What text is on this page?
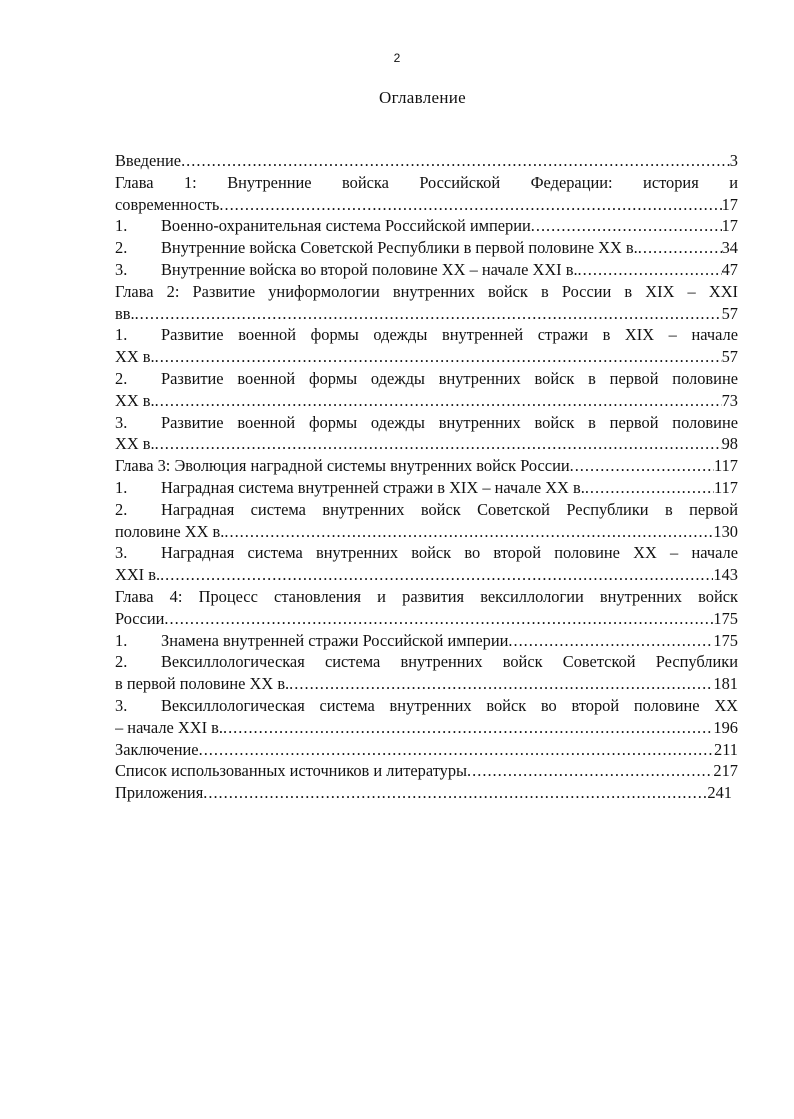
2
Оглавление
Введение .....	3
Глава 1: Внутренние войска Российской Федерации: история и
современность .....	17
1. Военно-охранительная система Российской империи .....	17
2. Внутренние войска Советской Республики в первой половине XX в. .....	34
3. Внутренние войска во второй половине XX – начале XXI в. .....	47
Глава 2: Развитие униформологии внутренних войск в России в XIX – XXI
вв. .....	57
1. Развитие военной формы одежды внутренней стражи в XIX – начале
XX в. .....	57
2. Развитие военной формы одежды внутренних войск в первой половине
XX в. .....	73
3. Развитие военной формы одежды внутренних войск в первой половине
XX в. .....	98
Глава 3: Эволюция наградной системы внутренних войск России .....	117
1. Наградная система внутренней стражи в XIX – начале XX в. .....	117
2. Наградная система внутренних войск Советской Республики в первой
половине XX в. .....	130
3. Наградная система внутренних войск во второй половине XX – начале
XXI в. .....	143
Глава 4: Процесс становления и развития вексиллологии внутренних войск
России .....	175
1. Знамена внутренней стражи Российской империи .....	175
2. Вексиллологическая система внутренних войск Советской Республики
в первой половине XX в. .....	181
3. Вексиллологическая система внутренних войск во второй половине XX
– начале XXI в. .....	196
Заключение .....	211
Список использованных источников и литературы .....	217
Приложения .....	241
